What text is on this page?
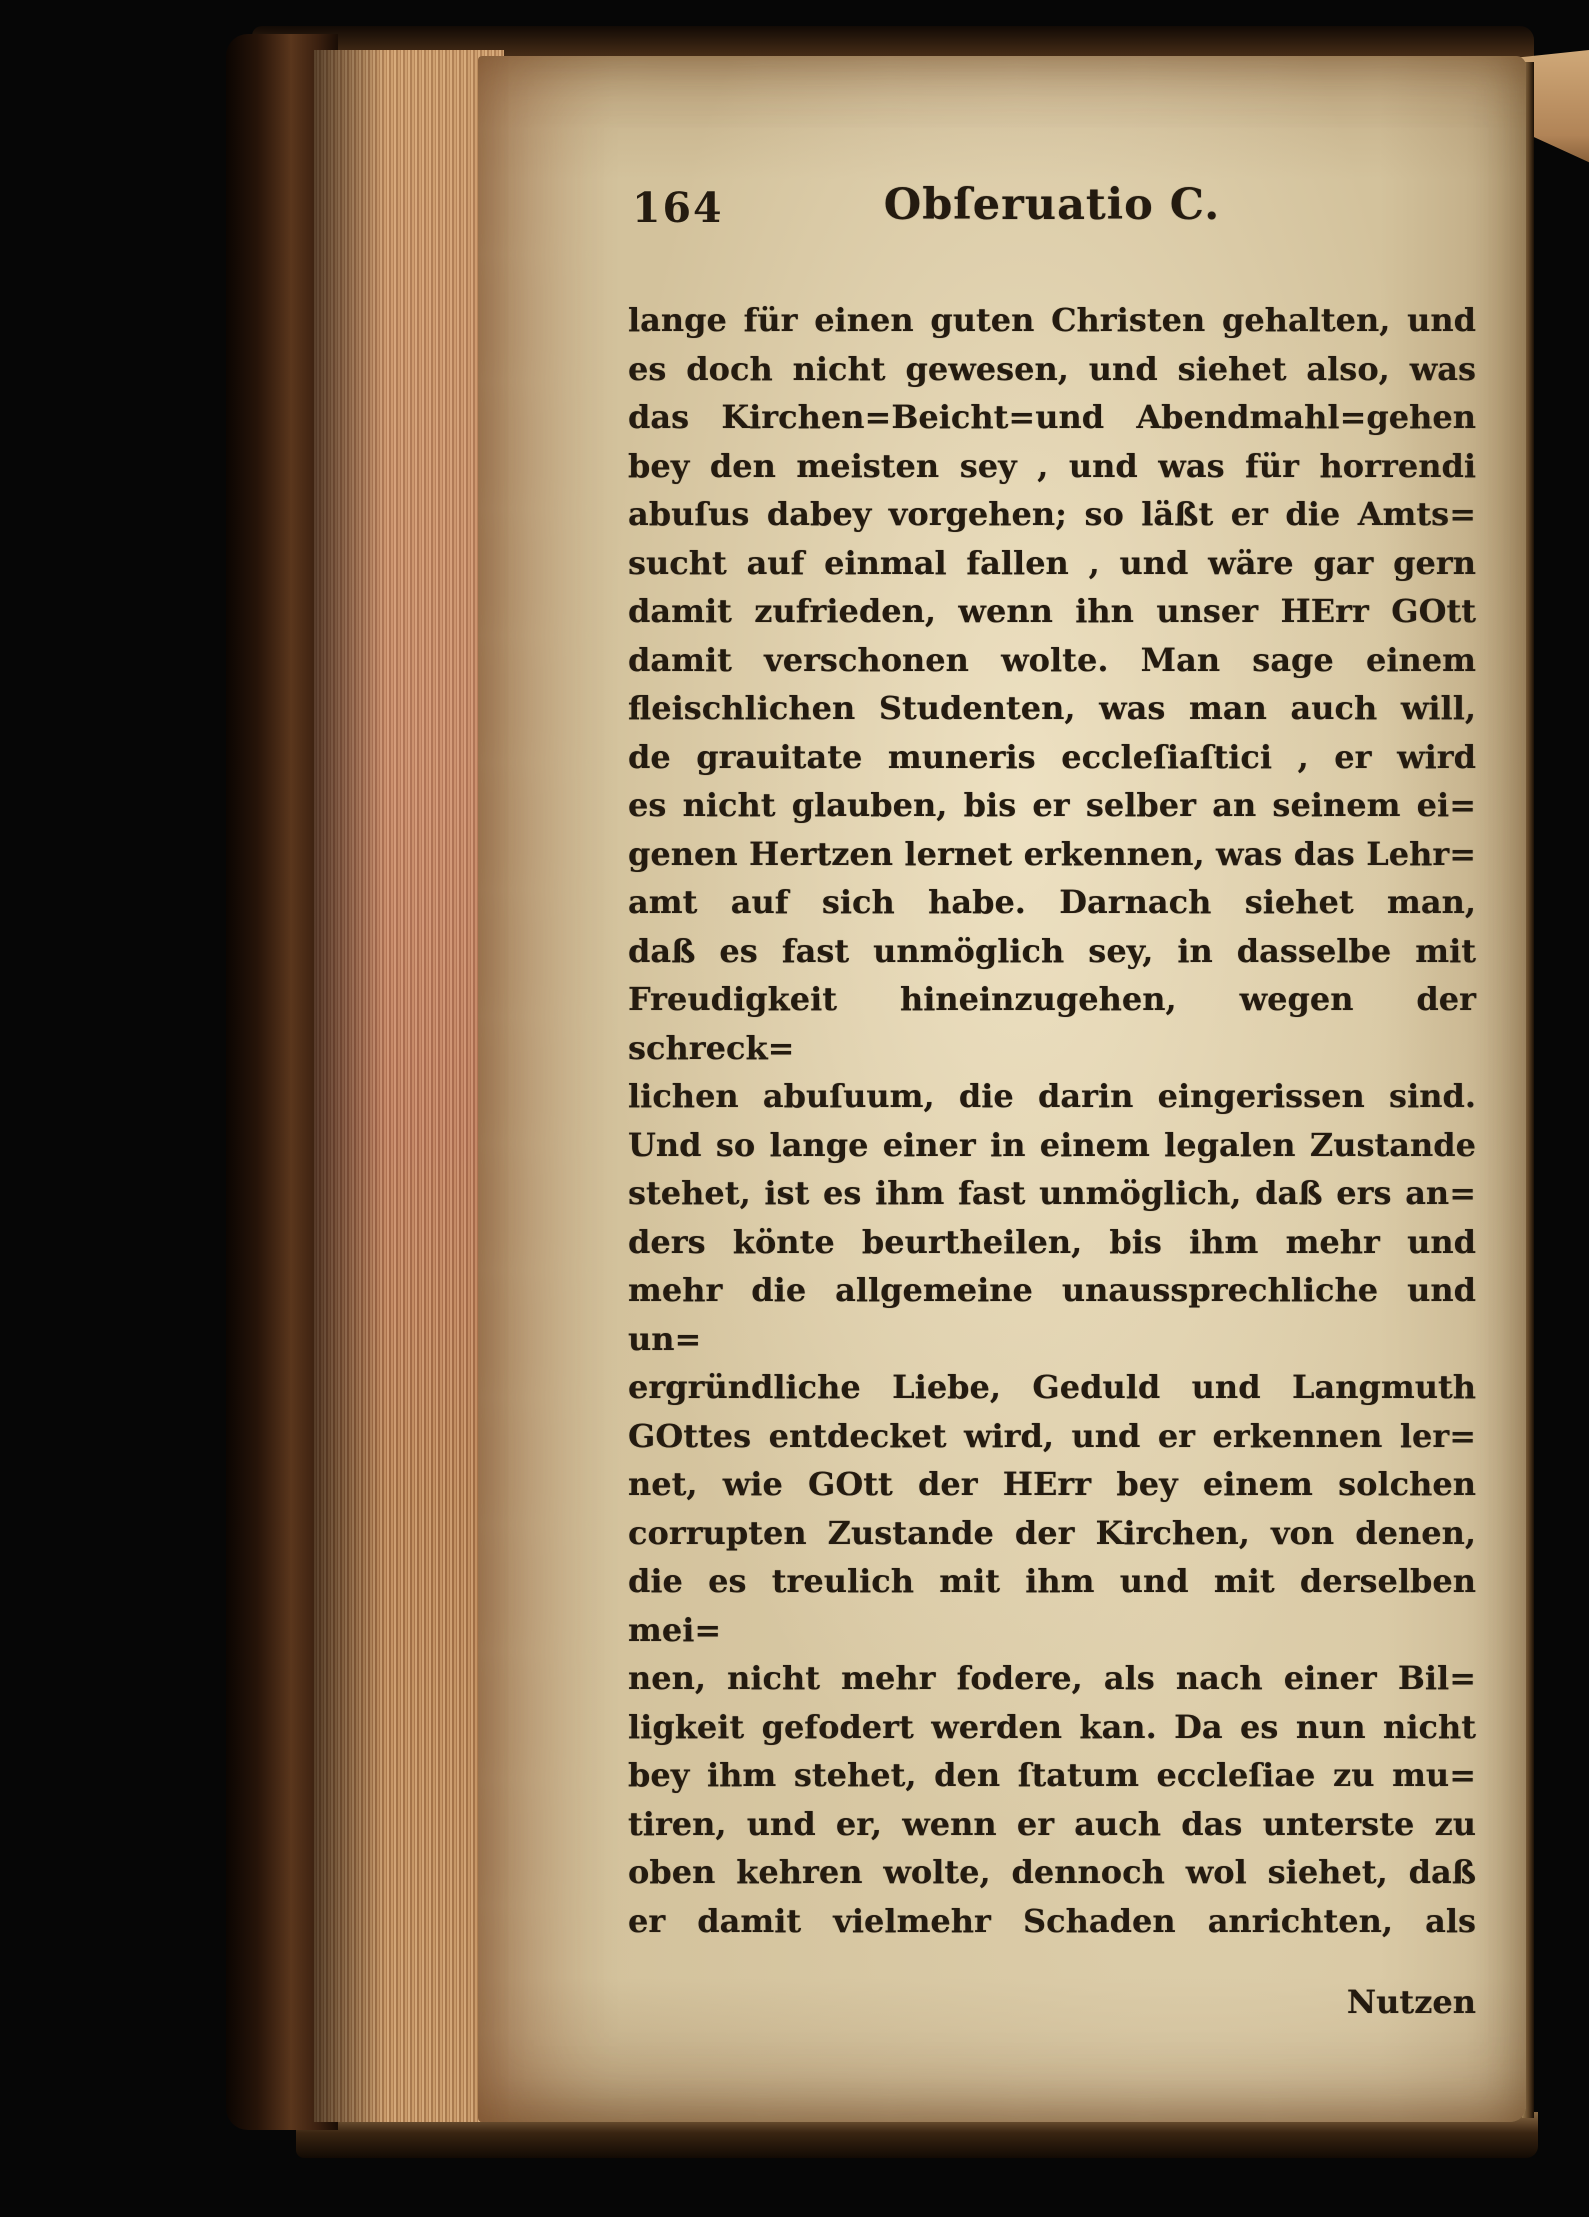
164	Obſeruatio C.
lange für einen guten Christen gehalten, und
es doch nicht gewesen, und siehet also, was
das Kirchen=Beicht=und Abendmahl=gehen
bey den meisten sey , und was für horrendi
abuſus dabey vorgehen; so läßt er die Amts=
sucht auf einmal fallen , und wäre gar gern
damit zufrieden, wenn ihn unser HErr GOtt
damit verschonen wolte. Man sage einem
fleischlichen Studenten, was man auch will,
de grauitate muneris eccleſiaſtici , er wird
es nicht glauben, bis er selber an seinem ei=
genen Hertzen lernet erkennen, was das Lehr=
amt auf sich habe. Darnach siehet man,
daß es fast unmöglich sey, in dasselbe mit
Freudigkeit hineinzugehen, wegen der schreck=
lichen abuſuum, die darin eingerissen sind.
Und so lange einer in einem legalen Zustande
stehet, ist es ihm fast unmöglich, daß ers an=
ders könte beurtheilen, bis ihm mehr und
mehr die allgemeine unaussprechliche und un=
ergründliche Liebe, Geduld und Langmuth
GOttes entdecket wird, und er erkennen ler=
net, wie GOtt der HErr bey einem solchen
corrupten Zustande der Kirchen, von denen,
die es treulich mit ihm und mit derselben mei=
nen, nicht mehr fodere, als nach einer Bil=
ligkeit gefodert werden kan. Da es nun nicht
bey ihm stehet, den ſtatum eccleſiae zu mu=
tiren, und er, wenn er auch das unterste zu
oben kehren wolte, dennoch wol siehet, daß
er damit vielmehr Schaden anrichten, als
Nutzen
